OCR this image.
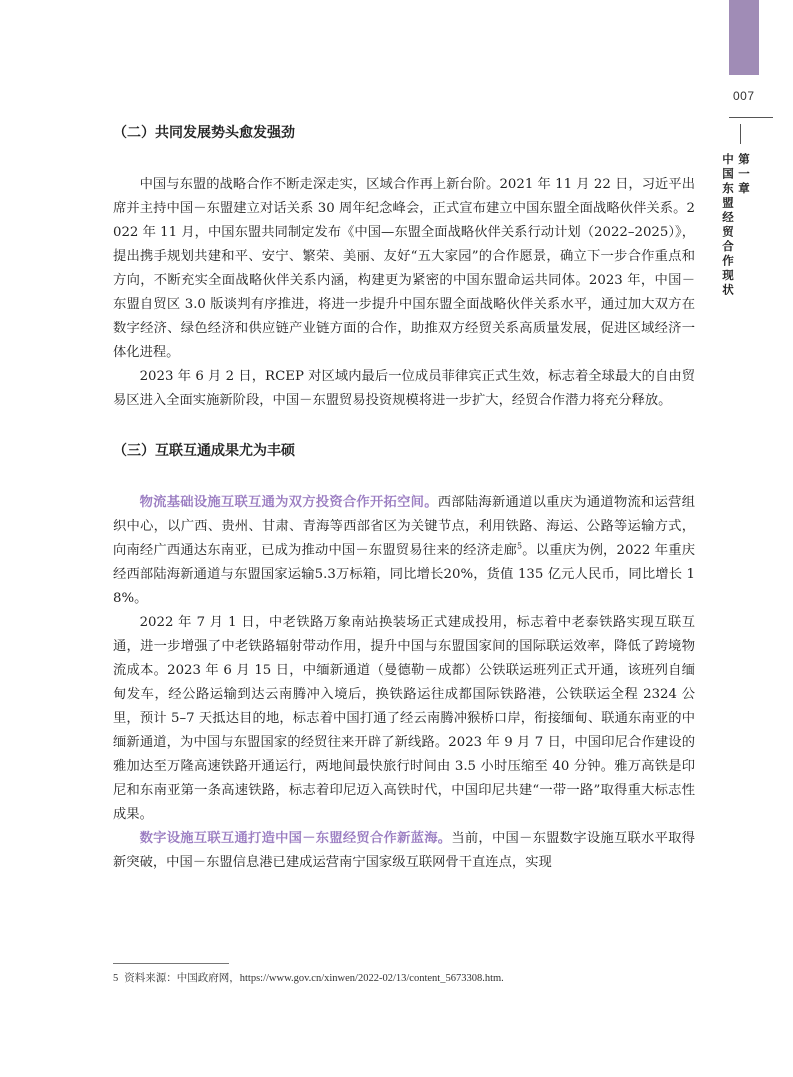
007
第一章
中国东盟经贸合作现状
（二）共同发展势头愈发强劲

中国与东盟的战略合作不断走深走实，区域合作再上新台阶。2021 年 11 月 22 日，习近平出席并主持中国－东盟建立对话关系 30 周年纪念峰会，正式宣布建立中国东盟全面战略伙伴关系。2022 年 11 月，中国东盟共同制定发布《中国—东盟全面战略伙伴关系行动计划（2022–2025）》，提出携手规划共建和平、安宁、繁荣、美丽、友好“五大家园”的合作愿景，确立下一步合作重点和方向，不断充实全面战略伙伴关系内涵，构建更为紧密的中国东盟命运共同体。2023 年，中国－东盟自贸区 3.0 版谈判有序推进，将进一步提升中国东盟全面战略伙伴关系水平，通过加大双方在数字经济、绿色经济和供应链产业链方面的合作，助推双方经贸关系高质量发展，促进区域经济一体化进程。

2023 年 6 月 2 日，RCEP 对区域内最后一位成员菲律宾正式生效，标志着全球最大的自由贸易区进入全面实施新阶段，中国－东盟贸易投资规模将进一步扩大，经贸合作潜力将充分释放。

（三）互联互通成果尤为丰硕

物流基础设施互联互通为双方投资合作开拓空间。西部陆海新通道以重庆为通道物流和运营组织中心，以广西、贵州、甘肃、青海等西部省区为关键节点，利用铁路、海运、公路等运输方式，向南经广西通达东南亚，已成为推动中国－东盟贸易往来的经济走廊$^5$。以重庆为例，2022 年重庆经西部陆海新通道与东盟国家运输5.3万标箱，同比增长20%，货值 135 亿元人民币，同比增长 18%。

2022 年 7 月 1 日，中老铁路万象南站换装场正式建成投用，标志着中老泰铁路实现互联互通，进一步增强了中老铁路辐射带动作用，提升中国与东盟国家间的国际联运效率，降低了跨境物流成本。2023 年 6 月 15 日，中缅新通道（曼德勒－成都）公铁联运班列正式开通，该班列自缅甸发车，经公路运输到达云南腾冲入境后，换铁路运往成都国际铁路港，公铁联运全程 2324 公里，预计 5–7 天抵达目的地，标志着中国打通了经云南腾冲猴桥口岸，衔接缅甸、联通东南亚的中缅新通道，为中国与东盟国家的经贸往来开辟了新线路。2023 年 9 月 7 日，中国印尼合作建设的雅加达至万隆高速铁路开通运行，两地间最快旅行时间由 3.5 小时压缩至 40 分钟。雅万高铁是印尼和东南亚第一条高速铁路，标志着印尼迈入高铁时代，中国印尼共建“一带一路”取得重大标志性成果。

数字设施互联互通打造中国－东盟经贸合作新蓝海。当前，中国－东盟数字设施互联水平取得新突破，中国－东盟信息港已建成运营南宁国家级互联网骨干直连点，实现

5 资料来源：中国政府网，https://www.gov.cn/xinwen/2022-02/13/content_5673308.htm.
